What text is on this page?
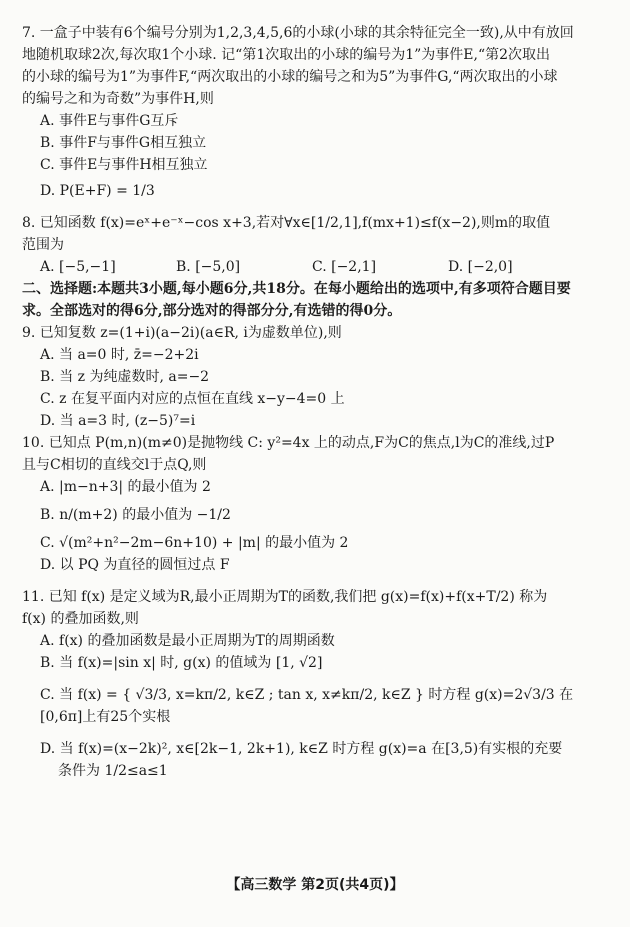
7. 一盒子中装有6个编号分别为1,2,3,4,5,6的小球(小球的其余特征完全一致),从中有放回
地随机取球2次,每次取1个小球. 记“第1次取出的小球的编号为1”为事件E,“第2次取出
的小球的编号为1”为事件F,“两次取出的小球的编号之和为5”为事件G,“两次取出的小球
的编号之和为奇数”为事件H,则
A. 事件E与事件G互斥
B. 事件F与事件G相互独立
C. 事件E与事件H相互独立
D. P(E+F) = 1/3
8. 已知函数 f(x)=eˣ+e⁻ˣ−cos x+3,若对∀x∈[1/2,1],f(mx+1)≤f(x−2),则m的取值
范围为
A. [−5,−1]	B. [−5,0]	C. [−2,1]	D. [−2,0]
二、选择题:本题共3小题,每小题6分,共18分。在每小题给出的选项中,有多项符合题目要
求。全部选对的得6分,部分选对的得部分分,有选错的得0分。
9. 已知复数 z=(1+i)(a−2i)(a∈R, i为虚数单位),则
A. 当 a=0 时, z̄=−2+2i
B. 当 z 为纯虚数时, a=−2
C. z 在复平面内对应的点恒在直线 x−y−4=0 上
D. 当 a=3 时, (z−5)⁷=i
10. 已知点 P(m,n)(m≠0)是抛物线 C: y²=4x 上的动点,F为C的焦点,l为C的准线,过P
且与C相切的直线交l于点Q,则
A. |m−n+3| 的最小值为 2
B. n/(m+2) 的最小值为 −1/2
C. √(m²+n²−2m−6n+10) + |m| 的最小值为 2
D. 以 PQ 为直径的圆恒过点 F
11. 已知 f(x) 是定义域为R,最小正周期为T的函数,我们把 g(x)=f(x)+f(x+T/2) 称为
f(x) 的叠加函数,则
A. f(x) 的叠加函数是最小正周期为T的周期函数
B. 当 f(x)=|sin x| 时, g(x) 的值域为 [1, √2]
C. 当 f(x) = { √3/3, x=kπ/2, k∈Z ; tan x, x≠kπ/2, k∈Z } 时方程 g(x)=2√3/3 在[0,6π]上有25个实根
D. 当 f(x)=(x−2k)², x∈[2k−1, 2k+1), k∈Z 时方程 g(x)=a 在[3,5)有实根的充要
条件为 1/2≤a≤1
【高三数学 第2页(共4页)】
